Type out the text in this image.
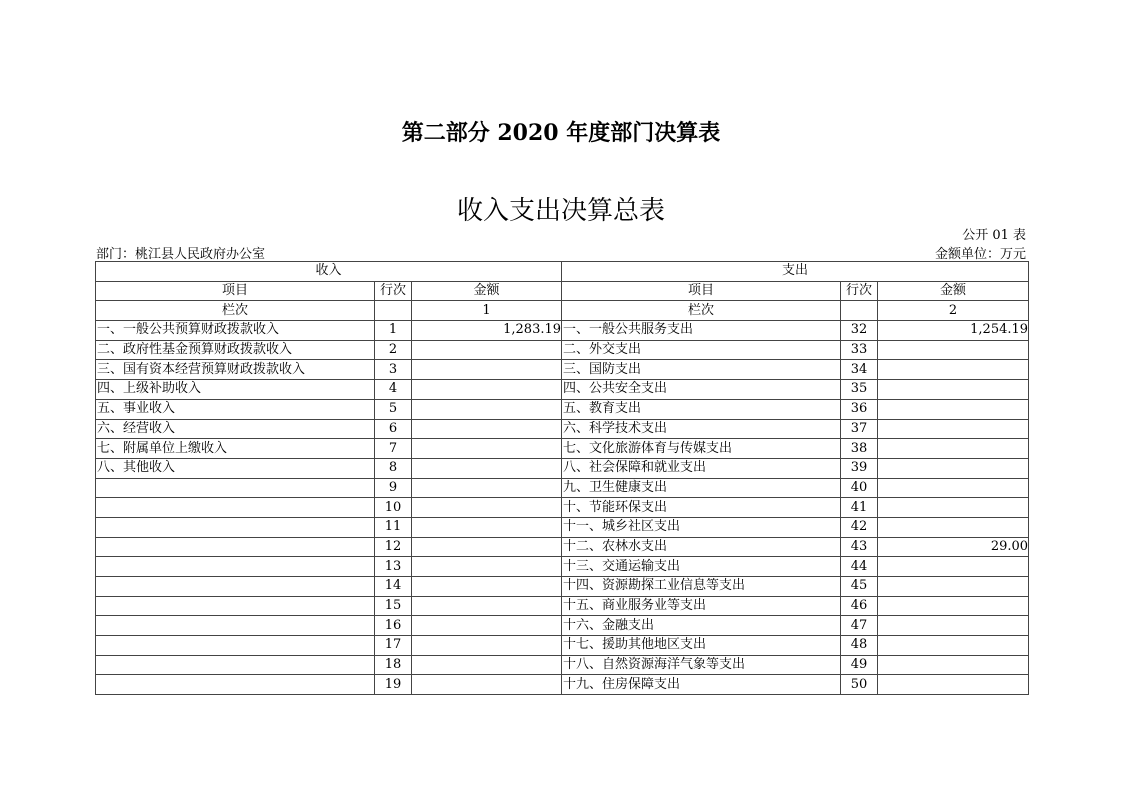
第二部分 2020 年度部门决算表
收入支出决算总表
公开 01 表
部门：桃江县人民政府办公室	金额单位：万元
收入			支出		
项目	行次	金额	项目	行次	金额
栏次		1	栏次		2
一、一般公共预算财政拨款收入	1	1,283.19	一、一般公共服务支出	32	1,254.19
二、政府性基金预算财政拨款收入	2		二、外交支出	33	
三、国有资本经营预算财政拨款收入	3		三、国防支出	34	
四、上级补助收入	4		四、公共安全支出	35	
五、事业收入	5		五、教育支出	36	
六、经营收入	6		六、科学技术支出	37	
七、附属单位上缴收入	7		七、文化旅游体育与传媒支出	38	
八、其他收入	8		八、社会保障和就业支出	39	
	9		九、卫生健康支出	40	
	10		十、节能环保支出	41	
	11		十一、城乡社区支出	42	
	12		十二、农林水支出	43	29.00
	13		十三、交通运输支出	44	
	14		十四、资源勘探工业信息等支出	45	
	15		十五、商业服务业等支出	46	
	16		十六、金融支出	47	
	17		十七、援助其他地区支出	48	
	18		十八、自然资源海洋气象等支出	49	
	19		十九、住房保障支出	50	
